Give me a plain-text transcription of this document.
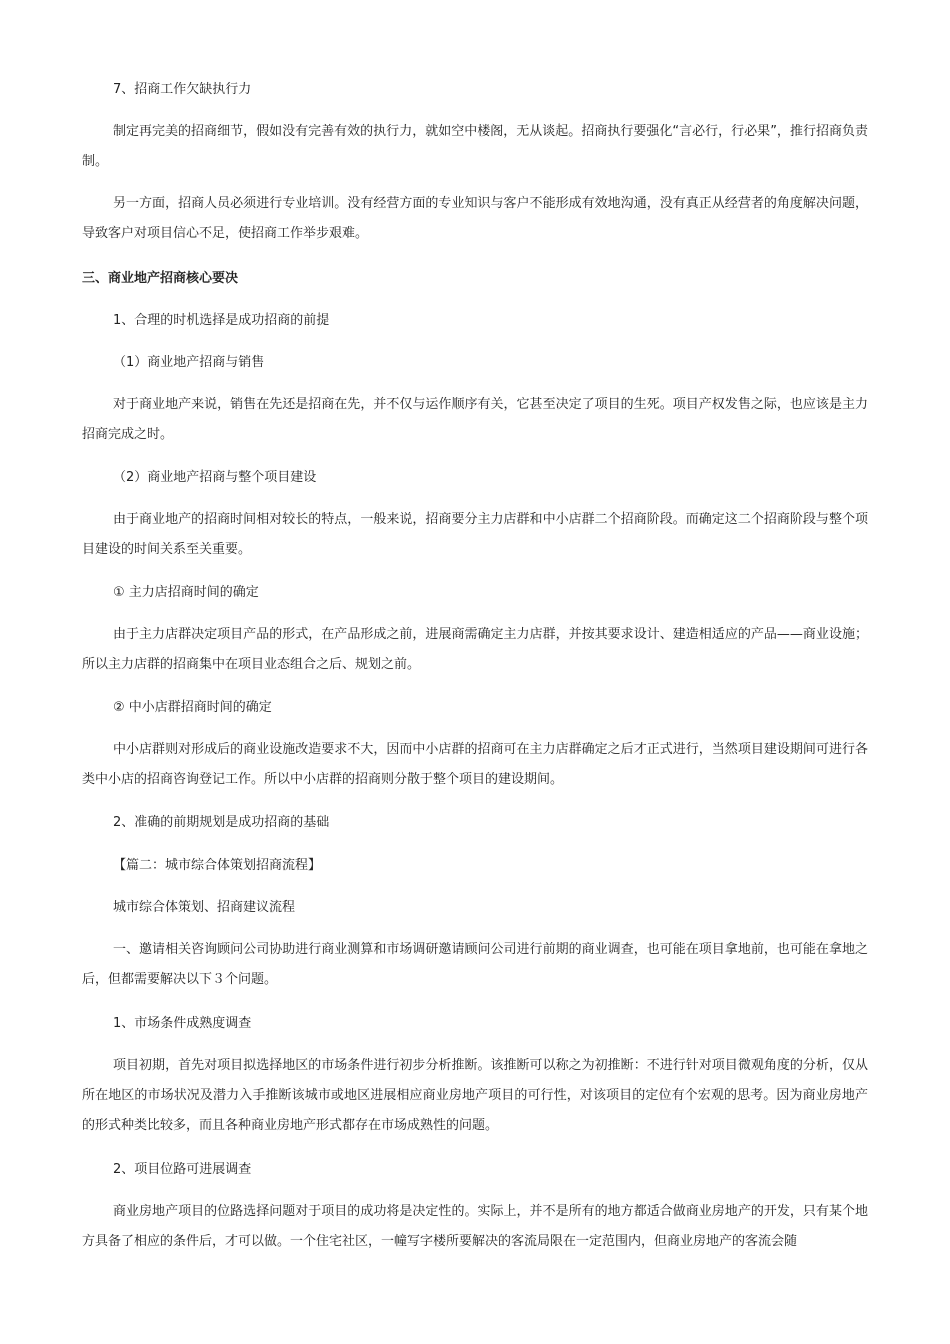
7、招商工作欠缺执行力

制定再完美的招商细节，假如没有完善有效的执行力，就如空中楼阁，无从谈起。招商执行要强化“言必行，行必果”，推行招商负责制。

另一方面，招商人员必须进行专业培训。没有经营方面的专业知识与客户不能形成有效地沟通，没有真正从经营者的角度解决问题，导致客户对项目信心不足，使招商工作举步艰难。

三、商业地产招商核心要决

1、合理的时机选择是成功招商的前提

（1）商业地产招商与销售

对于商业地产来说，销售在先还是招商在先，并不仅与运作顺序有关，它甚至决定了项目的生死。项目产权发售之际，也应该是主力招商完成之时。

（2）商业地产招商与整个项目建设

由于商业地产的招商时间相对较长的特点，一般来说，招商要分主力店群和中小店群二个招商阶段。而确定这二个招商阶段与整个项目建设的时间关系至关重要。

① 主力店招商时间的确定

由于主力店群决定项目产品的形式，在产品形成之前，进展商需确定主力店群，并按其要求设计、建造相适应的产品——商业设施；所以主力店群的招商集中在项目业态组合之后、规划之前。

② 中小店群招商时间的确定

中小店群则对形成后的商业设施改造要求不大，因而中小店群的招商可在主力店群确定之后才正式进行，当然项目建设期间可进行各类中小店的招商咨询登记工作。所以中小店群的招商则分散于整个项目的建设期间。

2、准确的前期规划是成功招商的基础

【篇二：城市综合体策划招商流程】

城市综合体策划、招商建议流程

一、邀请相关咨询顾问公司协助进行商业测算和市场调研邀请顾问公司进行前期的商业调查，也可能在项目拿地前，也可能在拿地之后，但都需要解决以下３个问题。

1、市场条件成熟度调查

项目初期，首先对项目拟选择地区的市场条件进行初步分析推断。该推断可以称之为初推断：不进行针对项目微观角度的分析，仅从所在地区的市场状况及潜力入手推断该城市或地区进展相应商业房地产项目的可行性，对该项目的定位有个宏观的思考。因为商业房地产的形式种类比较多，而且各种商业房地产形式都存在市场成熟性的问题。

2、项目位路可进展调查

商业房地产项目的位路选择问题对于项目的成功将是决定性的。实际上，并不是所有的地方都适合做商业房地产的开发，只有某个地方具备了相应的条件后，才可以做。一个住宅社区，一幢写字楼所要解决的客流局限在一定范围内，但商业房地产的客流会随
